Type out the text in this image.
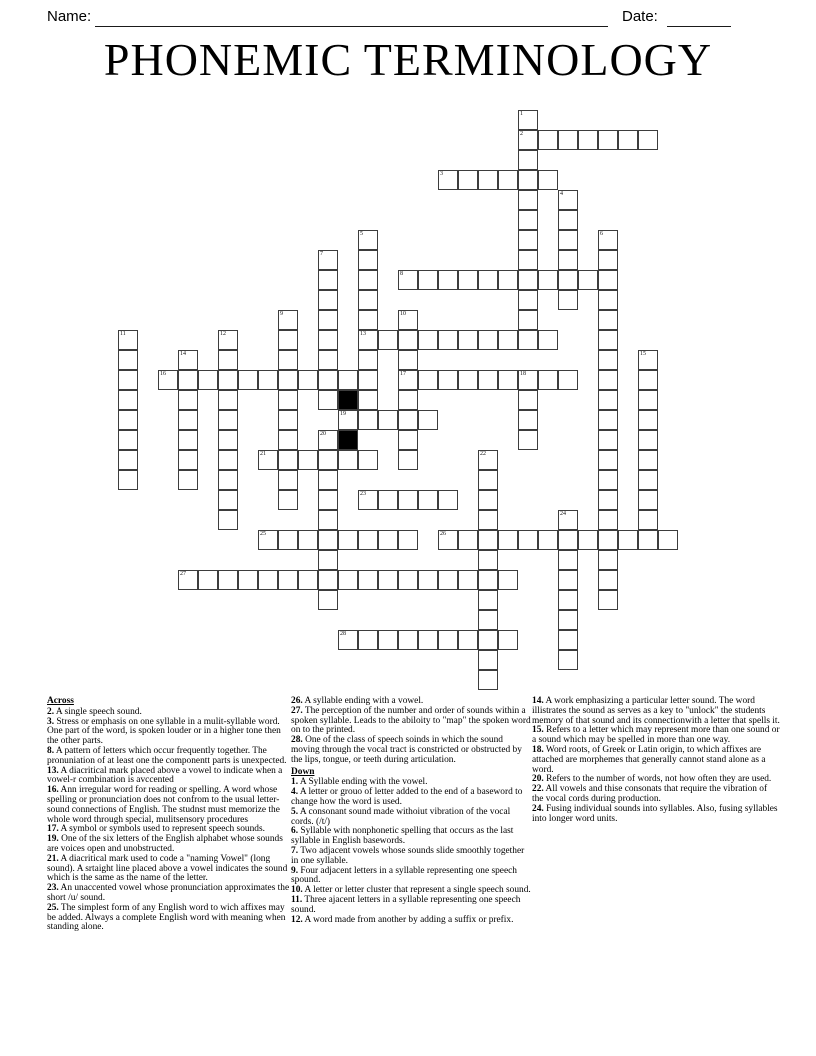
Name:	Date:
PHONEMIC TERMINOLOGY
2
3
8
13
16	17	18
19
21
23
25	26
27
28
1
4
5	6
7
9	10
11	12
14	15
20
22
24
Across
2. A single speech sound.
3. Stress or emphasis on one syllable in a mulit-syllable word. One part of the word, is spoken louder or in a higher tone then the other parts.
8. A pattern of letters which occur frequently together. The pronuniation of at least one the componentt parts is unexpected.
13. A diacritical mark placed above a vowel to indicate when a vowel-r combination is avccented
16. Ann irregular word for reading or spelling. A word whose spelling or pronunciation does not confrom to the usual letter-sound connections of English. The studnst must memorize the whole word through special, mulitsensory procedures
17. A symbol or symbols used to represent speech sounds.
19. One of the six letters of the English alphabet whose sounds are voices open and unobstructed.
21. A diacritical mark used to code a "naming Vowel" (long sound). A srtaight line placed above a vowel indicates the sound which is the same as the name of the letter.
23. An unaccented vowel whose pronunciation approximates the short /u/ sound.
25. The simplest form of any English word to wich affixes may be added. Always a complete English word with meaning when standing alone.
26. A syllable ending with a vowel.
27. The perception of the number and order of sounds within a spoken syllable. Leads to the abiloity to "map" the spoken word on to the printed.
28. One of the class of speech soinds in which the sound moving through the vocal tract is constricted or obstructed by the lips, tongue, or teeth during articulation.
Down
1. A Syllable ending with the vowel.
4. A letter or grouo of letter added to the end of a baseword to change how the word is used.
5. A consonant sound made withoiut vibration of the vocal cords. (/t/)
6. Syllable with nonphonetic spelling that occurs as the last syllable in English basewords.
7. Two adjacent vowels whose sounds slide smoothly together in one syllable.
9. Four adjacent letters in a syllable representing one speech spound.
10. A letter or letter cluster that represent a single speech sound.
11. Three ajacent letters in a syllable representing one speech sound.
12. A word made from another by adding a suffix or prefix.
14. A work emphasizing a particular letter sound. The word illistrates the sound as serves as a key to "unlock" the students memory of that sound and its connectionwith a letter that spells it.
15. Refers to a letter which may represent more than one sound or a sound which may be spelled in more than one way.
18. Word roots, of Greek or Latin origin, to which affixes are attached are morphemes that generally cannot stand alone as a word.
20. Refers to the number of words, not how often they are used.
22. All vowels and thise consonats that require the vibration of the vocal cords during production.
24. Fusing individual sounds into syllables. Also, fusing syllables into longer word units.
